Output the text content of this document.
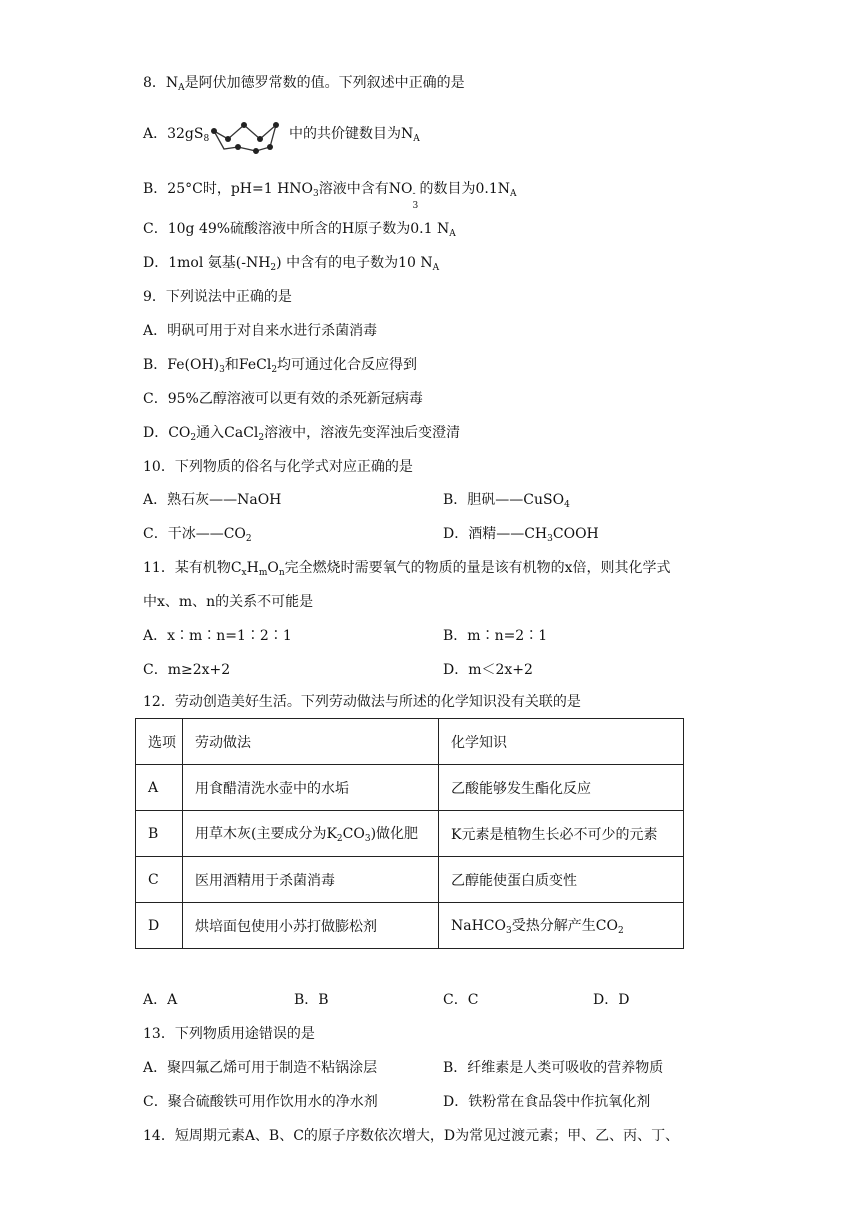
8．$N_A$是阿伏加德罗常数的值。下列叙述中正确的是
A．$32gS_8$	中的共价键数目为$N_A$
B．25°C时，pH=1 $HNO_3$溶液中含有NO -
3
的数目为$0.1N_A$
C．10g 49%硫酸溶液中所含的H原子数为0.1 $N_A$
D．1mol 氨基$(-NH_2)$ 中含有的电子数为10 $N_A$
9．下列说法中正确的是
A．明矾可用于对自来水进行杀菌消毒
B．$Fe(OH)_3$和FeCl$_2$均可通过化合反应得到
C．95%乙醇溶液可以更有效的杀死新冠病毒
D．$CO_2$通入CaCl$_2$溶液中，溶液先变浑浊后变澄清
10．下列物质的俗名与化学式对应正确的是
A．熟石灰——NaOH	B．胆矾——CuSO$_4$
C．干冰$——CO_2$	D．酒精$——CH_3COOH$
11．某有机物$C_xH_mO_n$完全燃烧时需要氧气的物质的量是该有机物的x倍，则其化学式
中x、m、n的关系不可能是
A．x∶m∶n=1∶2∶1	B．m∶n=2∶1
C．m≥2x+2	D．m＜2x+2
12．劳动创造美好生活。下列劳动做法与所述的化学知识没有关联的是
选项	劳动做法	化学知识
A	用食醋清洗水壶中的水垢	乙酸能够发生酯化反应
B	用草木灰(主要成分为$K_2CO_3$)做化肥	K元素是植物生长必不可少的元素
C	医用酒精用于杀菌消毒	乙醇能使蛋白质变性
D	烘培面包使用小苏打做膨松剂	NaHCO$_3$受热分解产生$CO_2$
A．A	B．B	C．C	D．D
13．下列物质用途错误的是
A．聚四氟乙烯可用于制造不粘锅涂层	B．纤维素是人类可吸收的营养物质
C．聚合硫酸铁可用作饮用水的净水剂	D．铁粉常在食品袋中作抗氧化剂
14．短周期元素A、B、C的原子序数依次增大，D为常见过渡元素；甲、乙、丙、丁、
